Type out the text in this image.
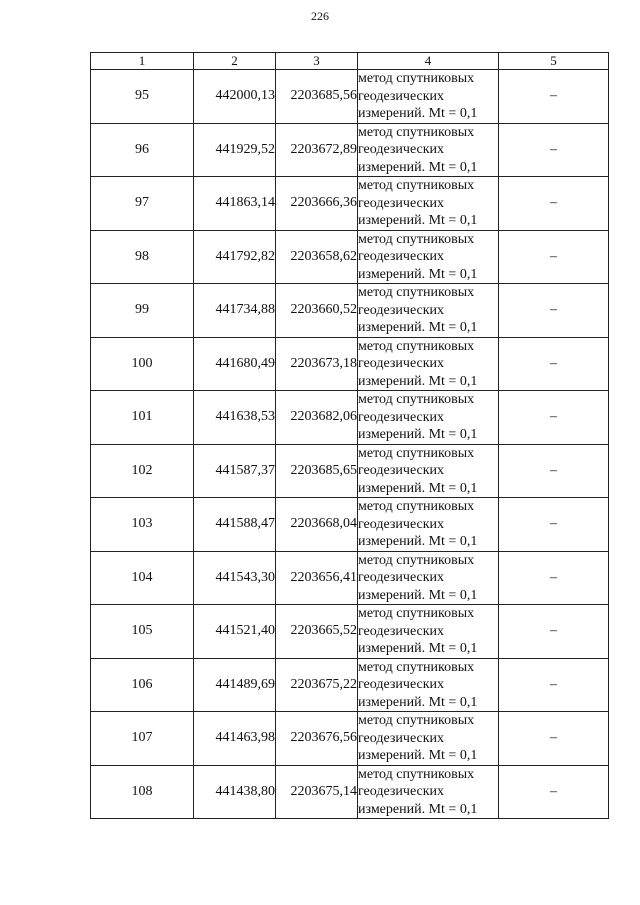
226
1	2	3	4	5
95	442000,13	2203685,56	метод спутниковых
геодезических
измерений. Mt = 0,1	–
96	441929,52	2203672,89	метод спутниковых
геодезических
измерений. Mt = 0,1	–
97	441863,14	2203666,36	метод спутниковых
геодезических
измерений. Mt = 0,1	–
98	441792,82	2203658,62	метод спутниковых
геодезических
измерений. Mt = 0,1	–
99	441734,88	2203660,52	метод спутниковых
геодезических
измерений. Mt = 0,1	–
100	441680,49	2203673,18	метод спутниковых
геодезических
измерений. Mt = 0,1	–
101	441638,53	2203682,06	метод спутниковых
геодезических
измерений. Mt = 0,1	–
102	441587,37	2203685,65	метод спутниковых
геодезических
измерений. Mt = 0,1	–
103	441588,47	2203668,04	метод спутниковых
геодезических
измерений. Mt = 0,1	–
104	441543,30	2203656,41	метод спутниковых
геодезических
измерений. Mt = 0,1	–
105	441521,40	2203665,52	метод спутниковых
геодезических
измерений. Mt = 0,1	–
106	441489,69	2203675,22	метод спутниковых
геодезических
измерений. Mt = 0,1	–
107	441463,98	2203676,56	метод спутниковых
геодезических
измерений. Mt = 0,1	–
108	441438,80	2203675,14	метод спутниковых
геодезических
измерений. Mt = 0,1	–
